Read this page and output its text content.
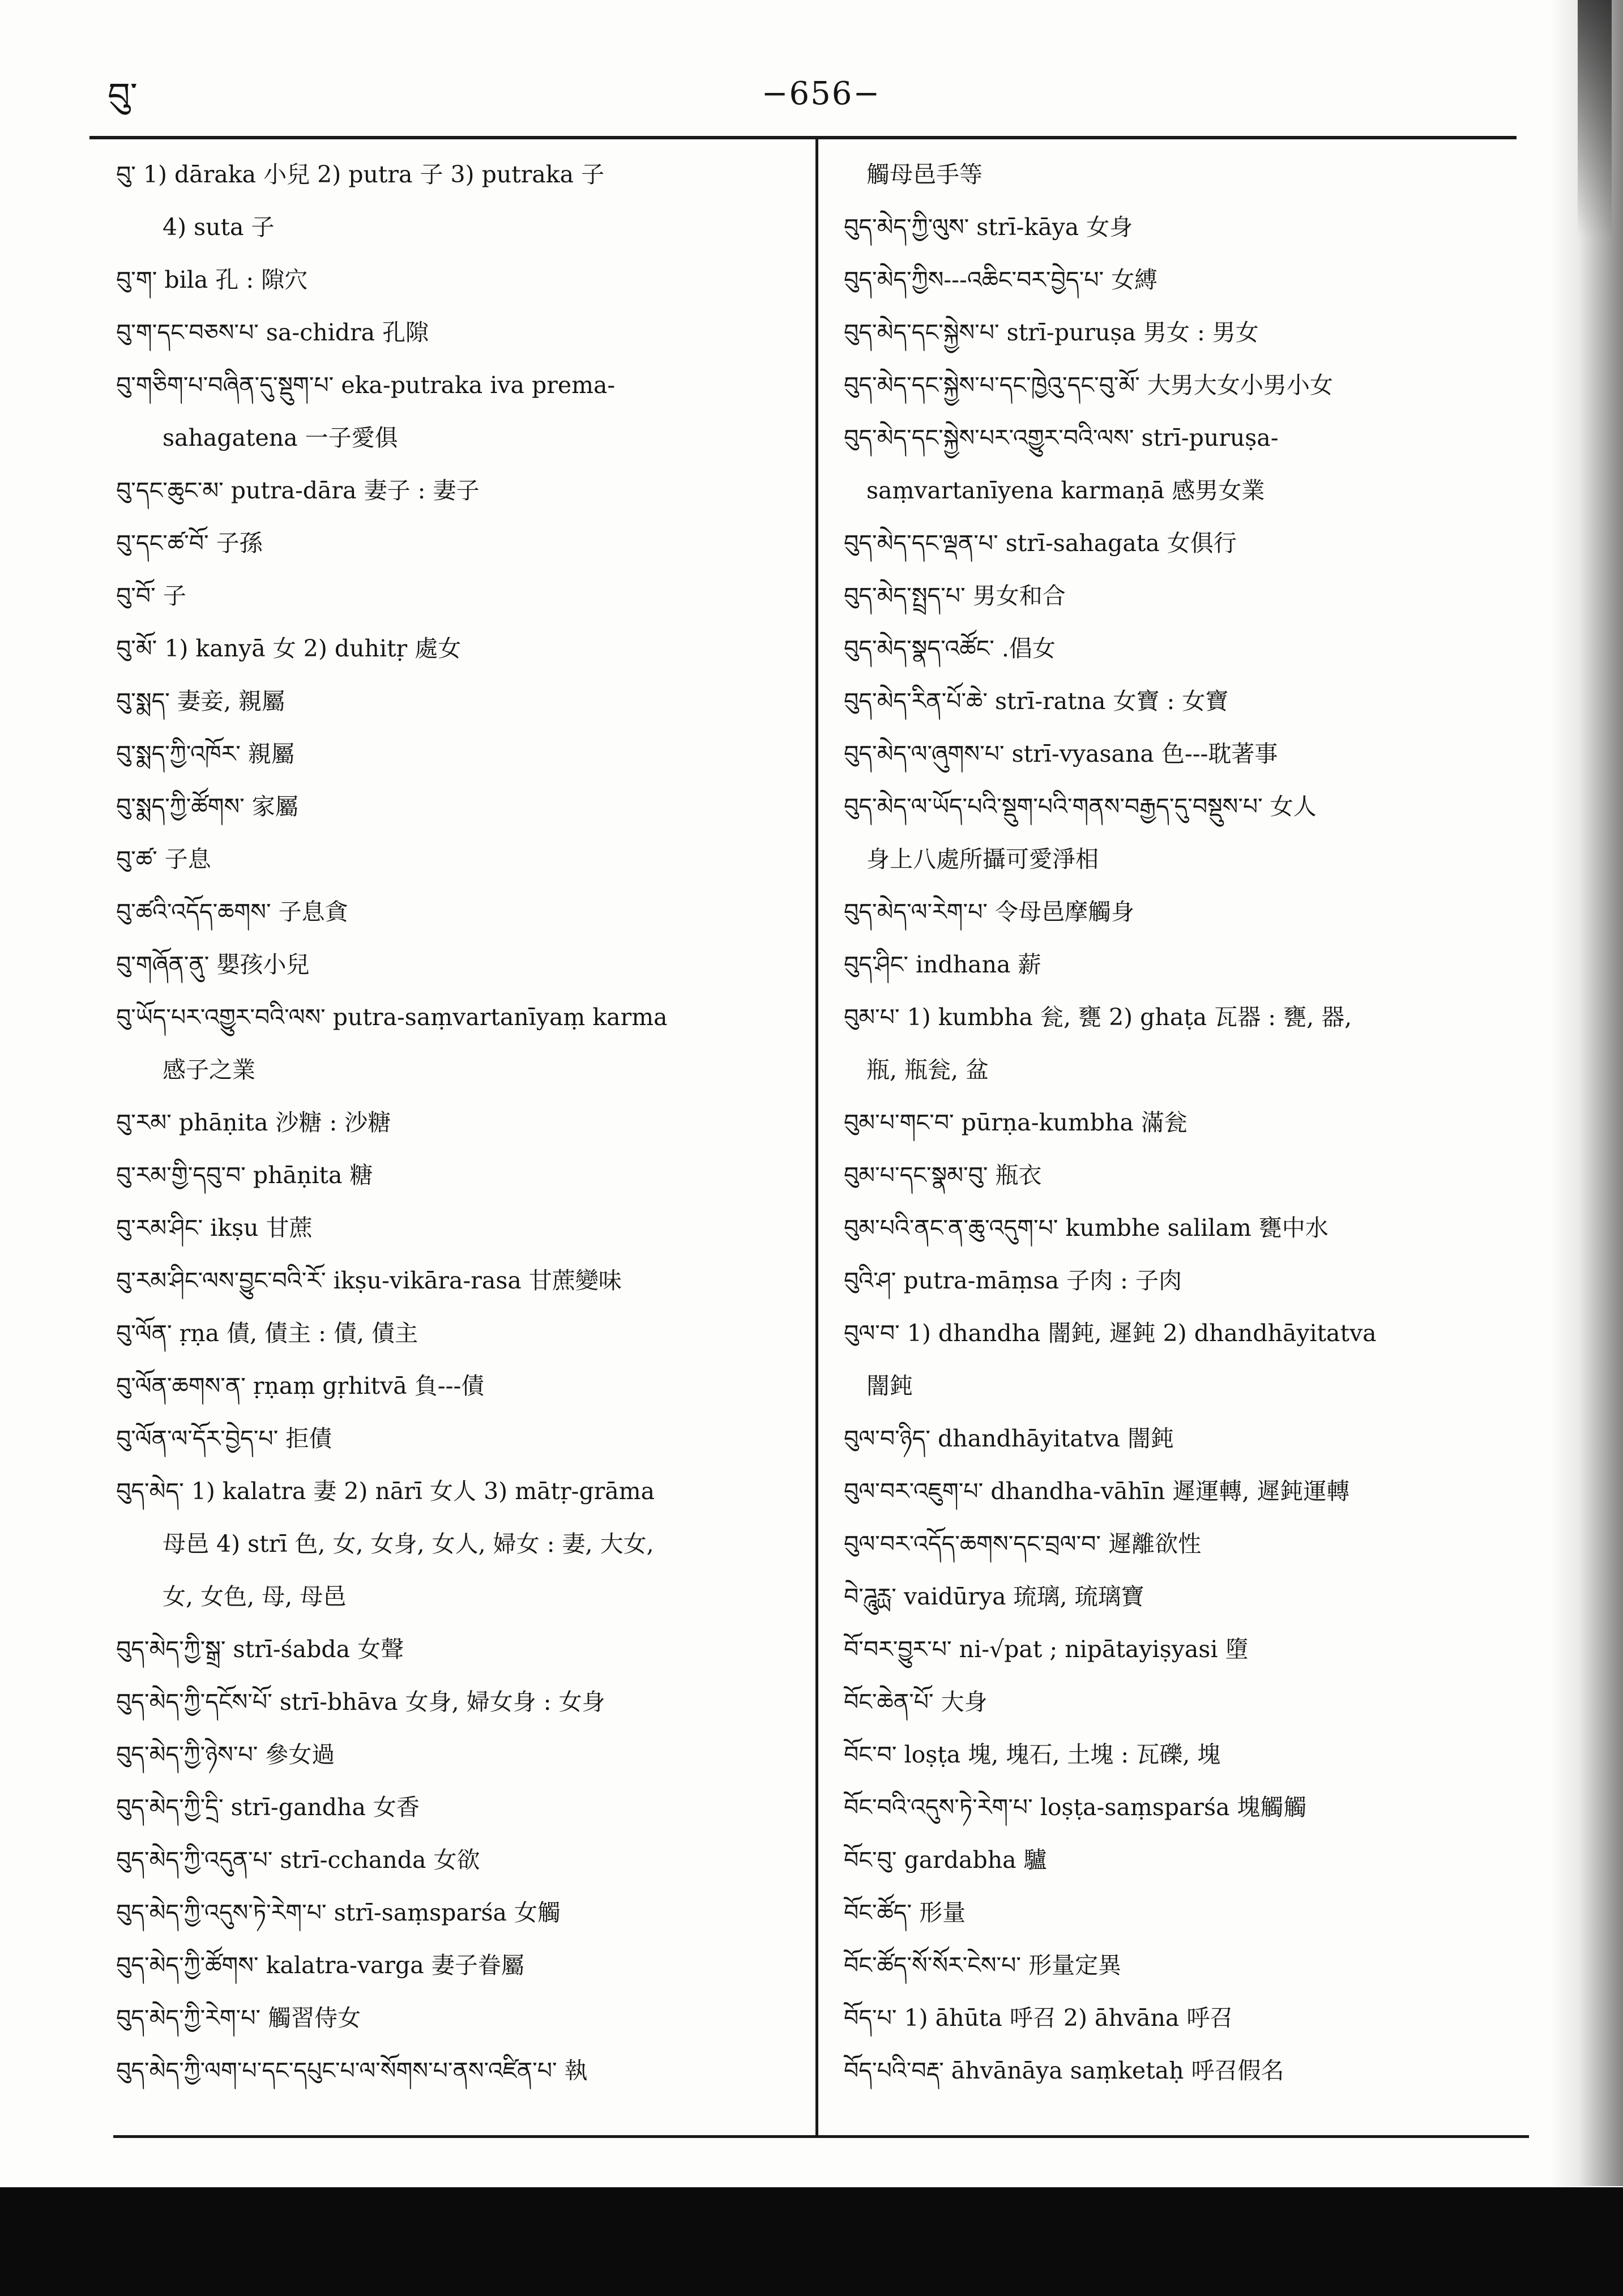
བུ་	−656−

བུ་ 1) dāraka 小兒 2) putra 子 3) putraka 子

4) suta 子

བུ་ག་ bila 孔 : 隙穴

བུ་ག་དང་བཅས་པ་ sa-chidra 孔隙

བུ་གཅིག་པ་བཞིན་དུ་སྡུག་པ་ eka-putraka iva prema-

sahagatena 一子愛俱

བུ་དང་ཆུང་མ་ putra-dāra 妻子 : 妻子

བུ་དང་ཚ་བོ་ 子孫

བུ་བོ་ 子

བུ་མོ་ 1) kanyā 女 2) duhitṛ 處女

བུ་སྨད་ 妻妾, 親屬

བུ་སྨད་ཀྱི་འཁོར་ 親屬

བུ་སྨད་ཀྱི་ཚོགས་ 家屬

བུ་ཚ་ 子息

བུ་ཚའི་འདོད་ཆགས་ 子息貪

བུ་གཞོན་ནུ་ 嬰孩小兒

བུ་ཡོད་པར་འགྱུར་བའི་ལས་ putra-saṃvartanīyaṃ karma

感子之業

བུ་རམ་ phāṇita 沙糖 : 沙糖

བུ་རམ་གྱི་དབུ་བ་ phāṇita 糖

བུ་རམ་ཤིང་ ikṣu 甘蔗

བུ་རམ་ཤིང་ལས་བྱུང་བའི་རོ་ ikṣu-vikāra-rasa 甘蔗變味

བུ་ལོན་ ṛṇa 債, 債主 : 債, 債主

བུ་ལོན་ཆགས་ན་ ṛṇaṃ gṛhitvā 負---債

བུ་ལོན་ལ་དོར་བྱེད་པ་ 拒債

བུད་མེད་ 1) kalatra 妻 2) nārī 女人 3) mātṛ-grāma

母邑 4) strī 色, 女, 女身, 女人, 婦女 : 妻, 大女,

女, 女色, 母, 母邑

བུད་མེད་ཀྱི་སྒྲ་ strī-śabda 女聲

བུད་མེད་ཀྱི་དངོས་པོ་ strī-bhāva 女身, 婦女身 : 女身

བུད་མེད་ཀྱི་ཉེས་པ་ 參女過

བུད་མེད་ཀྱི་དྲི་ strī-gandha 女香

བུད་མེད་ཀྱི་འདུན་པ་ strī-cchanda 女欲

བུད་མེད་ཀྱི་འདུས་ཏེ་རེག་པ་ strī-saṃsparśa 女觸

བུད་མེད་ཀྱི་ཚོགས་ kalatra-varga 妻子眷屬

བུད་མེད་ཀྱི་རེག་པ་ 觸習侍女

བུད་མེད་ཀྱི་ལག་པ་དང་དཔུང་པ་ལ་སོགས་པ་ནས་འཛིན་པ་ 執

觸母邑手等

བུད་མེད་ཀྱི་ལུས་ strī-kāya 女身

བུད་མེད་ཀྱིས---འཆིང་བར་བྱེད་པ་ 女縛

བུད་མེད་དང་སྐྱེས་པ་ strī-puruṣa 男女 : 男女

བུད་མེད་དང་སྐྱེས་པ་དང་ཁྱེའུ་དང་བུ་མོ་ 大男大女小男小女

བུད་མེད་དང་སྐྱེས་པར་འགྱུར་བའི་ལས་ strī-puruṣa-

saṃvartanīyena karmaṇā 感男女業

བུད་མེད་དང་ལྡན་པ་ strī-sahagata 女俱行

བུད་མེད་སྤྲད་པ་ 男女和合

བུད་མེད་སྣད་འཚོང་ .倡女

བུད་མེད་རིན་པོ་ཆེ་ strī-ratna 女寶 : 女寶

བུད་མེད་ལ་ཞུགས་པ་ strī-vyasana 色---耽著事

བུད་མེད་ལ་ཡོད་པའི་སྡུག་པའི་གནས་བརྒྱད་དུ་བསྡུས་པ་ 女人

身上八處所攝可愛淨相

བུད་མེད་ལ་རེག་པ་ 令母邑摩觸身

བུད་ཤིང་ indhana 薪

བུམ་པ་ 1) kumbha 瓮, 甕 2) ghaṭa 瓦器 : 甕, 器,

瓶, 瓶瓮, 盆

བུམ་པ་གང་བ་ pūrṇa-kumbha 滿瓮

བུམ་པ་དང་སྣམ་བུ་ 瓶衣

བུམ་པའི་ནང་ན་ཆུ་འདུག་པ་ kumbhe salilam 甕中水

བུའི་ཤ་ putra-māṃsa 子肉 : 子肉

བུལ་བ་ 1) dhandha 闇鈍, 遲鈍 2) dhandhāyitatva

闇鈍

བུལ་བ་ཉིད་ dhandhāyitatva 闇鈍

བུལ་བར་འཇུག་པ་ dhandha-vāhīn 遲運轉, 遲鈍運轉

བུལ་བར་འདོད་ཆགས་དང་བྲལ་བ་ 遲離欲性

བེ་ཌཱུརྻ་ vaidūrya 琉璃, 琉璃寶

བོ་བར་བྱུར་པ་ ni-√pat ; nipātayiṣyasi 墮

བོང་ཆེན་པོ་ 大身

བོང་བ་ loṣṭa 塊, 塊石, 土塊 : 瓦礫, 塊

བོང་བའི་འདུས་ཏེ་རེག་པ་ loṣṭa-saṃsparśa 塊觸觸

བོང་བུ་ gardabha 驢

བོང་ཚོད་ 形量

བོང་ཚོད་སོ་སོར་ངེས་པ་ 形量定異

བོད་པ་ 1) āhūta 呼召 2) āhvāna 呼召

བོད་པའི་བརྡ་ āhvānāya saṃketaḥ 呼召假名
